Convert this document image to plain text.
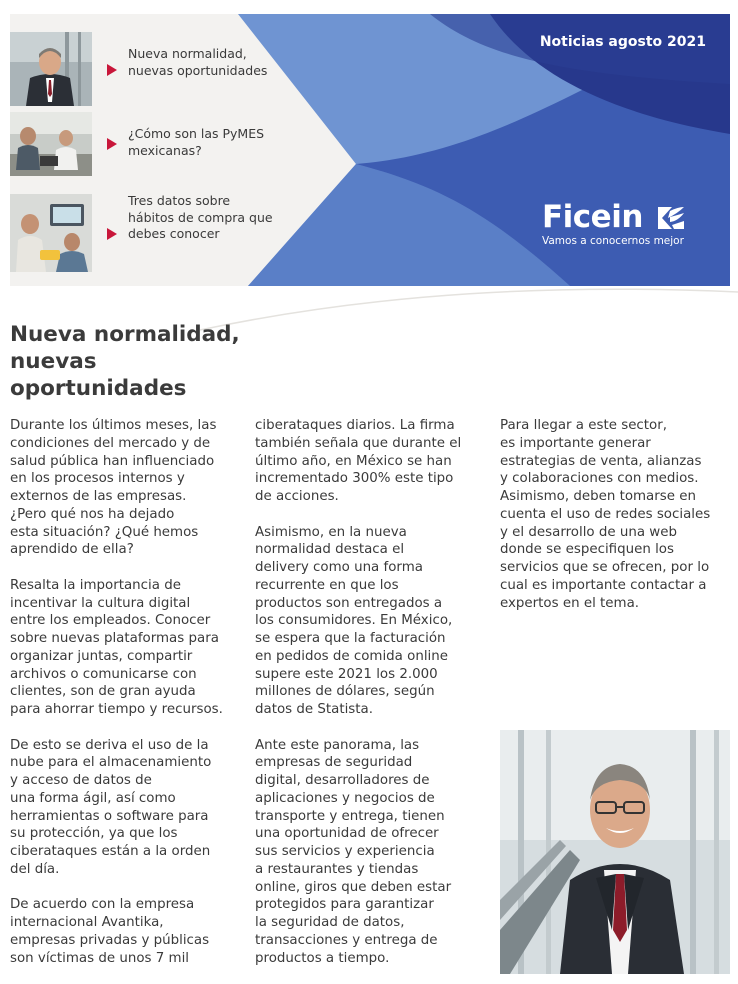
Nueva normalidad,
nuevas oportunidades
¿Cómo son las PyMES
mexicanas?
Tres datos sobre
hábitos de compra que
debes conocer
Noticias agosto 2021
Ficein
Vamos a conocernos mejor
Nueva normalidad,
nuevas
oportunidades

Durante los últimos meses, las
condiciones del mercado y de
salud pública han influenciado
en los procesos internos y
externos de las empresas.
¿Pero qué nos ha dejado
esta situación? ¿Qué hemos
aprendido de ella?

Resalta la importancia de
incentivar la cultura digital
entre los empleados. Conocer
sobre nuevas plataformas para
organizar juntas, compartir
archivos o comunicarse con
clientes, son de gran ayuda
para ahorrar tiempo y recursos.

De esto se deriva el uso de la
nube para el almacenamiento
y acceso de datos de
una forma ágil, así como
herramientas o software para
su protección, ya que los
ciberataques están a la orden
del día.

De acuerdo con la empresa
internacional Avantika,
empresas privadas y públicas
son víctimas de unos 7 mil

ciberataques diarios. La firma
también señala que durante el
último año, en México se han
incrementado 300% este tipo
de acciones.

Asimismo, en la nueva
normalidad destaca el
delivery como una forma
recurrente en que los
productos son entregados a
los consumidores. En México,
se espera que la facturación
en pedidos de comida online
supere este 2021 los 2.000
millones de dólares, según
datos de Statista.

Ante este panorama, las
empresas de seguridad
digital, desarrolladores de
aplicaciones y negocios de
transporte y entrega, tienen
una oportunidad de ofrecer
sus servicios y experiencia
a restaurantes y tiendas
online, giros que deben estar
protegidos para garantizar
la seguridad de datos,
transacciones y entrega de
productos a tiempo.

Para llegar a este sector,
es importante generar
estrategias de venta, alianzas
y colaboraciones con medios.
Asimismo, deben tomarse en
cuenta el uso de redes sociales
y el desarrollo de una web
donde se especifiquen los
servicios que se ofrecen, por lo
cual es importante contactar a
expertos en el tema.
